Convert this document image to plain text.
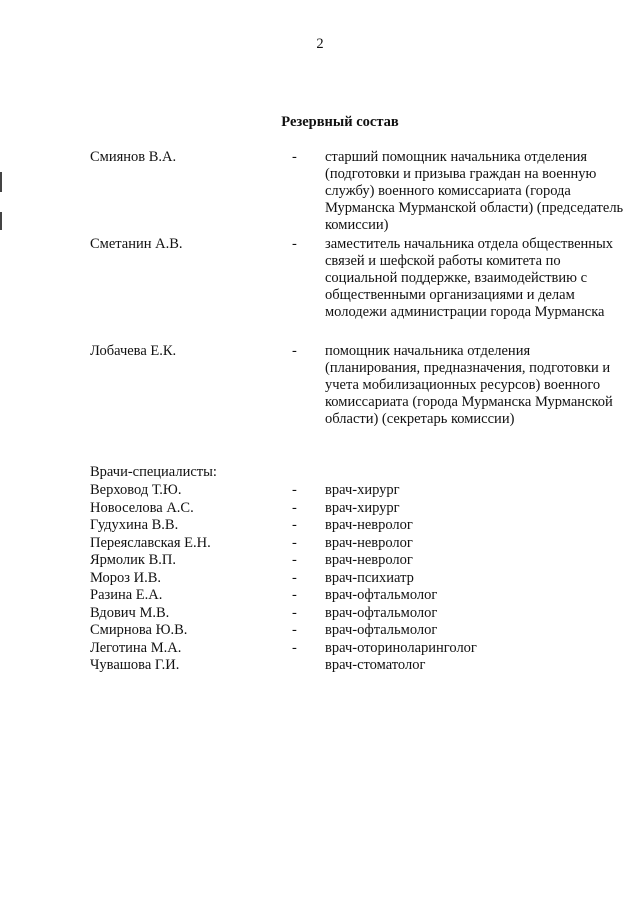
2
Резервный состав
Смиянов В.А.	- старший помощник начальника отделения (подготовки и призыва граждан на военную службу) военного комиссариата (города Мурманска Мурманской области) (председатель комиссии)
Сметанин А.В.	- заместитель начальника отдела общественных связей и шефской работы комитета по социальной поддержке, взаимодействию с общественными организациями и делам молодежи администрации города Мурманска
Лобачева Е.К.	- помощник начальника отделения (планирования, предназначения, подготовки и учета мобилизационных ресурсов) военного комиссариата (города Мурманска Мурманской области) (секретарь комиссии)
Врачи-специалисты:
Верховод Т.Ю.	- врач-хирург
Новоселова А.С.	- врач-хирург
Гудухина В.В.	- врач-невролог
Переяславская Е.Н.	- врач-невролог
Ярмолик В.П.	- врач-невролог
Мороз И.В.	- врач-психиатр
Разина Е.А.	- врач-офтальмолог
Вдович М.В.	- врач-офтальмолог
Смирнова Ю.В.	- врач-офтальмолог
Леготина М.А.	- врач-оториноларинголог
Чувашова Г.И.	врач-стоматолог
